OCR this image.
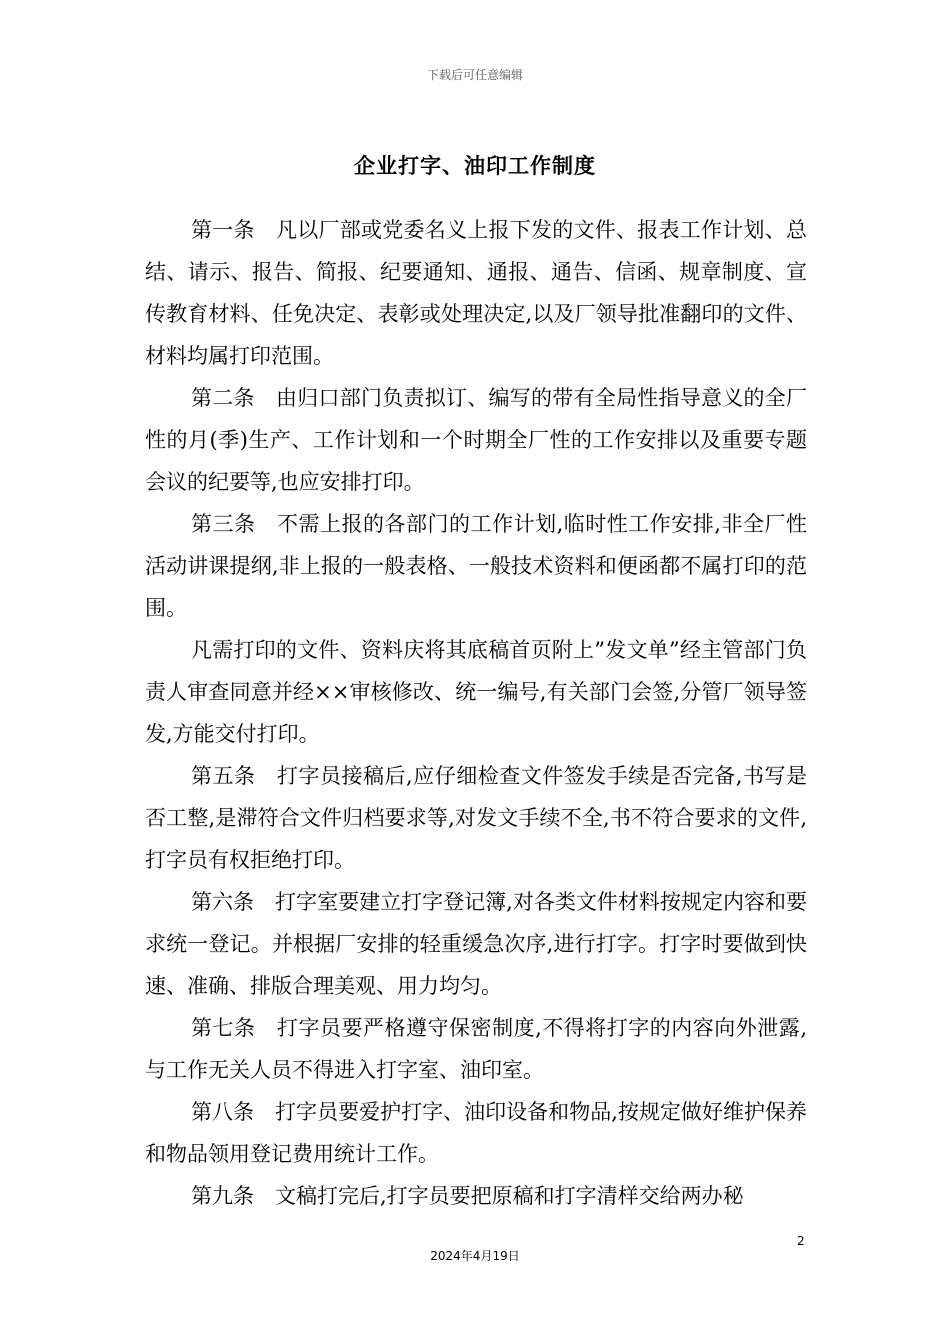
下载后可任意编辑
企业打字、油印工作制度

第一条　凡以厂部或党委名义上报下发的文件、报表工作计划、总结、请示、报告、简报、纪要通知、通报、通告、信函、规章制度、宣传教育材料、任免决定、表彰或处理决定,以及厂领导批准翻印的文件、材料均属打印范围。

第二条　由归口部门负责拟订、编写的带有全局性指导意义的全厂性的月(季)生产、工作计划和一个时期全厂性的工作安排以及重要专题会议的纪要等,也应安排打印。

第三条　不需上报的各部门的工作计划,临时性工作安排,非全厂性活动讲课提纲,非上报的一般表格、一般技术资料和便函都不属打印的范围。

凡需打印的文件、资料庆将其底稿首页附上”发文单”经主管部门负责人审查同意并经××审核修改、统一编号,有关部门会签,分管厂领导签发,方能交付打印。

第五条　打字员接稿后,应仔细检查文件签发手续是否完备,书写是否工整,是滞符合文件归档要求等,对发文手续不全,书不符合要求的文件,打字员有权拒绝打印。

第六条　打字室要建立打字登记簿,对各类文件材料按规定内容和要求统一登记。并根据厂安排的轻重缓急次序,进行打字。打字时要做到快速、准确、排版合理美观、用力均匀。

第七条　打字员要严格遵守保密制度,不得将打字的内容向外泄露,与工作无关人员不得进入打字室、油印室。

第八条　打字员要爱护打字、油印设备和物品,按规定做好维护保养和物品领用登记费用统计工作。

第九条　文稿打完后,打字员要把原稿和打字清样交给两办秘

2
2024年4月19日
